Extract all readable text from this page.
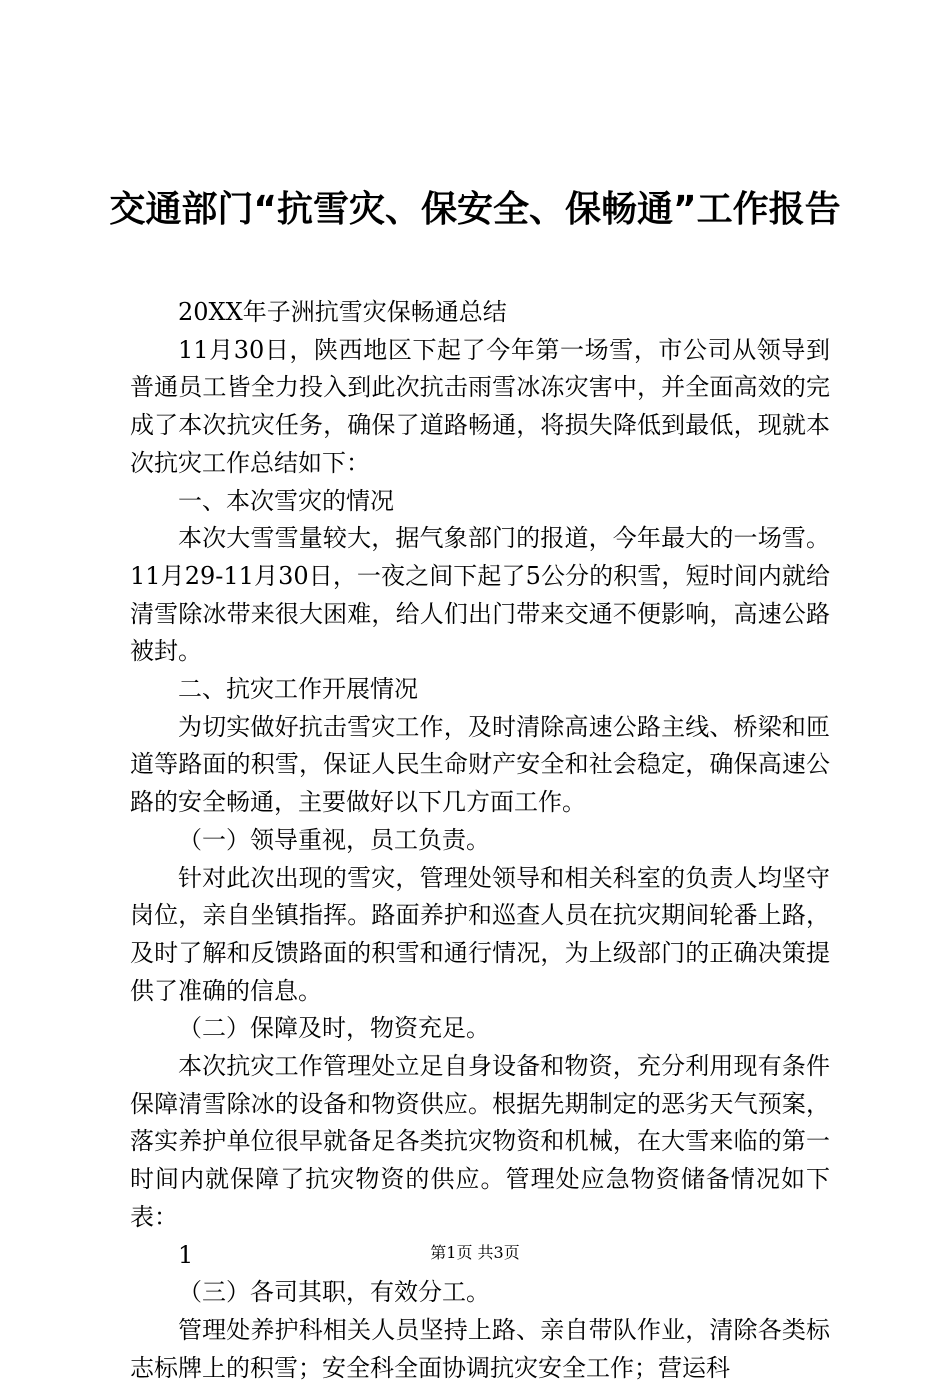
交通部门“抗雪灾、保安全、保畅通”工作报告

20XX年子洲抗雪灾保畅通总结

11月30日，陕西地区下起了今年第一场雪，市公司从领导到普通员工皆全力投入到此次抗击雨雪冰冻灾害中，并全面高效的完成了本次抗灾任务，确保了道路畅通，将损失降低到最低，现就本次抗灾工作总结如下：

一、本次雪灾的情况

本次大雪雪量较大，据气象部门的报道，今年最大的一场雪。11月29-11月30日，一夜之间下起了5公分的积雪，短时间内就给清雪除冰带来很大困难，给人们出门带来交通不便影响，高速公路被封。

二、抗灾工作开展情况

为切实做好抗击雪灾工作，及时清除高速公路主线、桥梁和匝道等路面的积雪，保证人民生命财产安全和社会稳定，确保高速公路的安全畅通，主要做好以下几方面工作。

（一）领导重视，员工负责。

针对此次出现的雪灾，管理处领导和相关科室的负责人均坚守岗位，亲自坐镇指挥。路面养护和巡查人员在抗灾期间轮番上路，及时了解和反馈路面的积雪和通行情况，为上级部门的正确决策提供了准确的信息。

（二）保障及时，物资充足。

本次抗灾工作管理处立足自身设备和物资，充分利用现有条件保障清雪除冰的设备和物资供应。根据先期制定的恶劣天气预案，落实养护单位很早就备足各类抗灾物资和机械，在大雪来临的第一时间内就保障了抗灾物资的供应。管理处应急物资储备情况如下表：

1

（三）各司其职，有效分工。

管理处养护科相关人员坚持上路、亲自带队作业，清除各类标志标牌上的积雪；安全科全面协调抗灾安全工作；营运科

第1页 共3页
